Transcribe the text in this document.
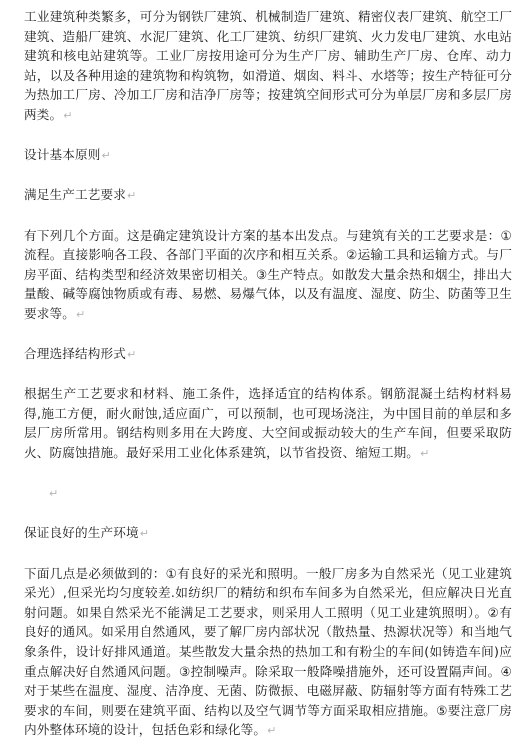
工业建筑种类繁多，可分为钢铁厂建筑、机械制造厂建筑、精密仪表厂建筑、航空工厂建筑、造船厂建筑、水泥厂建筑、化工厂建筑、纺织厂建筑、火力发电厂建筑、水电站建筑和核电站建筑等。工业厂房按用途可分为生产厂房、辅助生产厂房、仓库、动力站，以及各种用途的建筑物和构筑物，如滑道、烟囱、料斗、水塔等；按生产特征可分为热加工厂房、冷加工厂房和洁净厂房等；按建筑空间形式可分为单层厂房和多层厂房两类。↵

设计基本原则↵

满足生产工艺要求↵

有下列几个方面。这是确定建筑设计方案的基本出发点。与建筑有关的工艺要求是：①流程。直接影响各工段、各部门平面的次序和相互关系。②运输工具和运输方式。与厂房平面、结构类型和经济效果密切相关。③生产特点。如散发大量余热和烟尘，排出大量酸、碱等腐蚀物质或有毒、易燃、易爆气体，以及有温度、湿度、防尘、防菌等卫生要求等。↵

合理选择结构形式↵

根据生产工艺要求和材料、施工条件，选择适宜的结构体系。钢筋混凝土结构材料易得,施工方便，耐火耐蚀,适应面广，可以预制，也可现场浇注，为中国目前的单层和多层厂房所常用。钢结构则多用在大跨度、大空间或振动较大的生产车间，但要采取防火、防腐蚀措施。最好采用工业化体系建筑，以节省投资、缩短工期。↵

↵

保证良好的生产环境↵

下面几点是必须做到的：①有良好的采光和照明。一般厂房多为自然采光（见工业建筑采光）,但采光均匀度较差.如纺织厂的精纺和织布车间多为自然采光，但应解决日光直射问题。如果自然采光不能满足工艺要求，则采用人工照明（见工业建筑照明）。②有良好的通风。如采用自然通风，要了解厂房内部状况（散热量、热源状况等）和当地气象条件，设计好排风通道。某些散发大量余热的热加工和有粉尘的车间(如铸造车间)应重点解决好自然通风问题。③控制噪声。除采取一般降噪措施外，还可设置隔声间。④对于某些在温度、湿度、洁净度、无菌、防微振、电磁屏蔽、防辐射等方面有特殊工艺要求的车间，则要在建筑平面、结构以及空气调节等方面采取相应措施。⑤要注意厂房内外整体环境的设计，包括色彩和绿化等。↵
